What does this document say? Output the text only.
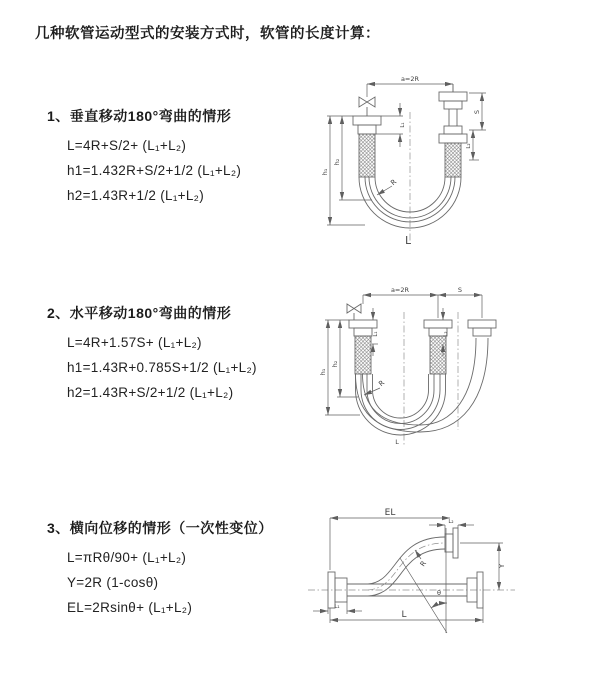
几种软管运动型式的安装方式时，软管的长度计算：
1、垂直移动180°弯曲的情形
L=4R+S/2+ (L₁+L₂)
h1=1.432R+S/2+1/2 (L₁+L₂)
h2=1.43R+1/2 (L₁+L₂)
2、水平移动180°弯曲的情形
L=4R+1.57S+ (L₁+L₂)
h1=1.43R+0.785S+1/2 (L₁+L₂)
h2=1.43R+S/2+1/2 (L₁+L₂)
3、横向位移的情形（一次性变位）
L=πRθ/90+ (L₁+L₂)
Y=2R (1-cosθ)
EL=2Rsinθ+ (L₁+L₂)
a=2R
h₁
h₂
L₁
S
L₂
R
L
a=2R	S
h₁
h₂
L₁	L₂
R
L
θ
R
EL
L₂
Y
L₁
L
